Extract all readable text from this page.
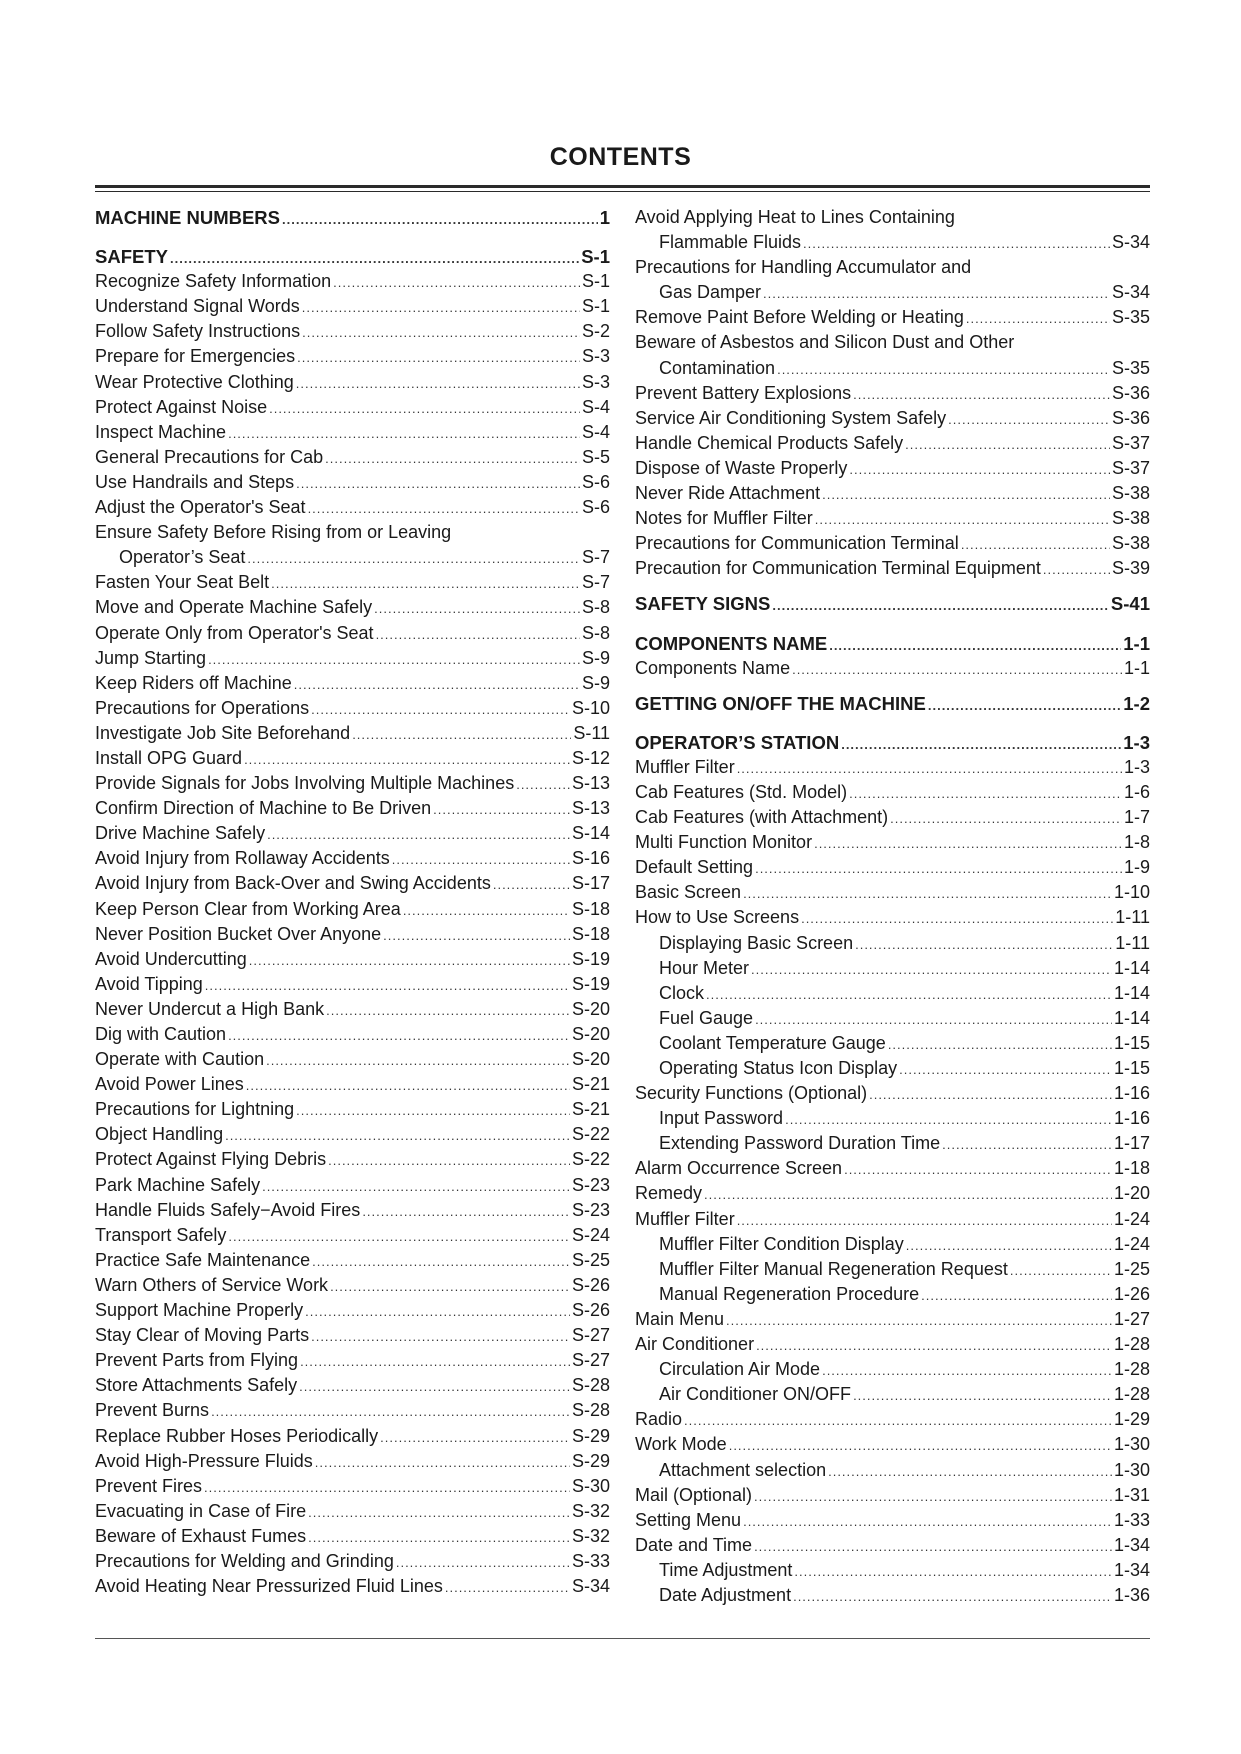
CONTENTS
MACHINE NUMBERS .....	1
SAFETY .....	S-1
Recognize Safety Information .....	S-1
Understand Signal Words .....	S-1
Follow Safety Instructions .....	S-2
Prepare for Emergencies .....	S-3
Wear Protective Clothing .....	S-3
Protect Against Noise .....	S-4
Inspect Machine .....	S-4
General Precautions for Cab .....	S-5
Use Handrails and Steps .....	S-6
Adjust the Operator's Seat .....	S-6
Ensure Safety Before Rising from or Leaving
Operator’s Seat .....	S-7
Fasten Your Seat Belt .....	S-7
Move and Operate Machine Safely .....	S-8
Operate Only from Operator's Seat .....	S-8
Jump Starting .....	S-9
Keep Riders off Machine .....	S-9
Precautions for Operations .....	S-10
Investigate Job Site Beforehand .....	S-11
Install OPG Guard .....	S-12
Provide Signals for Jobs Involving Multiple Machines .....	S-13
Confirm Direction of Machine to Be Driven .....	S-13
Drive Machine Safely .....	S-14
Avoid Injury from Rollaway Accidents .....	S-16
Avoid Injury from Back-Over and Swing Accidents .....	S-17
Keep Person Clear from Working Area .....	S-18
Never Position Bucket Over Anyone .....	S-18
Avoid Undercutting .....	S-19
Avoid Tipping .....	S-19
Never Undercut a High Bank .....	S-20
Dig with Caution .....	S-20
Operate with Caution .....	S-20
Avoid Power Lines .....	S-21
Precautions for Lightning .....	S-21
Object Handling .....	S-22
Protect Against Flying Debris .....	S-22
Park Machine Safely .....	S-23
Handle Fluids Safely−Avoid Fires .....	S-23
Transport Safely .....	S-24
Practice Safe Maintenance .....	S-25
Warn Others of Service Work .....	S-26
Support Machine Properly .....	S-26
Stay Clear of Moving Parts .....	S-27
Prevent Parts from Flying .....	S-27
Store Attachments Safely .....	S-28
Prevent Burns .....	S-28
Replace Rubber Hoses Periodically .....	S-29
Avoid High-Pressure Fluids .....	S-29
Prevent Fires .....	S-30
Evacuating in Case of Fire .....	S-32
Beware of Exhaust Fumes .....	S-32
Precautions for Welding and Grinding .....	S-33
Avoid Heating Near Pressurized Fluid Lines .....	S-34
Avoid Applying Heat to Lines Containing
Flammable Fluids .....	S-34
Precautions for Handling Accumulator and
Gas Damper .....	S-34
Remove Paint Before Welding or Heating .....	S-35
Beware of Asbestos and Silicon Dust and Other
Contamination .....	S-35
Prevent Battery Explosions .....	S-36
Service Air Conditioning System Safely .....	S-36
Handle Chemical Products Safely .....	S-37
Dispose of Waste Properly .....	S-37
Never Ride Attachment .....	S-38
Notes for Muffler Filter .....	S-38
Precautions for Communication Terminal .....	S-38
Precaution for Communication Terminal Equipment .....	S-39
SAFETY SIGNS .....	S-41
COMPONENTS NAME .....	1-1
Components Name .....	1-1
GETTING ON/OFF THE MACHINE .....	1-2
OPERATOR’S STATION .....	1-3
Muffler Filter .....	1-3
Cab Features (Std. Model) .....	1-6
Cab Features (with Attachment) .....	1-7
Multi Function Monitor .....	1-8
Default Setting .....	1-9
Basic Screen .....	1-10
How to Use Screens .....	1-11
Displaying Basic Screen .....	1-11
Hour Meter .....	1-14
Clock .....	1-14
Fuel Gauge .....	1-14
Coolant Temperature Gauge .....	1-15
Operating Status Icon Display .....	1-15
Security Functions (Optional) .....	1-16
Input Password .....	1-16
Extending Password Duration Time .....	1-17
Alarm Occurrence Screen .....	1-18
Remedy .....	1-20
Muffler Filter .....	1-24
Muffler Filter Condition Display .....	1-24
Muffler Filter Manual Regeneration Request .....	1-25
Manual Regeneration Procedure .....	1-26
Main Menu .....	1-27
Air Conditioner .....	1-28
Circulation Air Mode .....	1-28
Air Conditioner ON/OFF .....	1-28
Radio .....	1-29
Work Mode .....	1-30
Attachment selection .....	1-30
Mail (Optional) .....	1-31
Setting Menu .....	1-33
Date and Time .....	1-34
Time Adjustment .....	1-34
Date Adjustment .....	1-36
